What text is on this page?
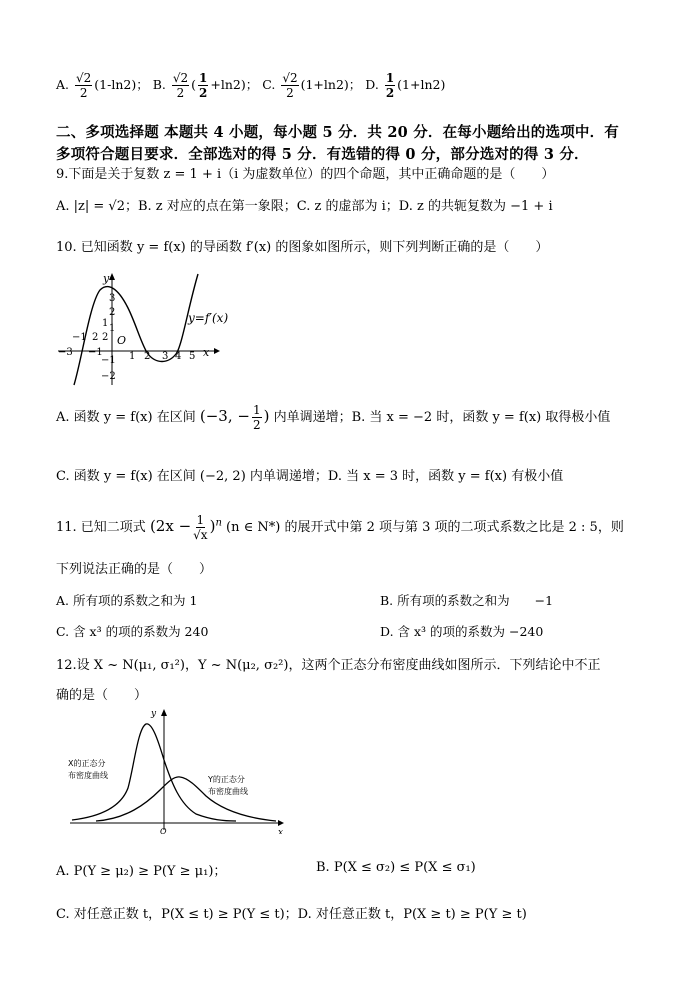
A. $\frac{√2}{2} (1-\ln 2)$； B. $\frac{√2}{2}$ ( $\frac{1}{2} +\ln 2$)； C. $\frac{√2}{2} (1+\ln 2)$； D. $\frac{1}{2} (1+\ln 2)$
二、多项选择题 本题共 4 小题，每小题 5 分．共 20 分．在每小题给出的选项中．有
多项符合题目要求．全部选对的得 5 分．有选错的得 0 分，部分选对的得 3 分．
9.下面是关于复数 z = 1 + i（i 为虚数单位）的四个命题，其中正确命题的是（　　）
A. |z| = √2；B. z 对应的点在第一象限；C. z 的虚部为 i；D. z 的共轭复数为 −1 + i
10. 已知函数 y = f(x) 的导函数 f′(x) 的图象如图所示，则下列判断正确的是（　　）
y
x
y=f′(x)
O
3
2
1
−1
−2
1
2
−1 2
−3 −1	1 2 3 4 5
A. 函数 y = f(x) 在区间 (−3, − $\frac{1}{2}$ ) 内单调递增；B. 当 x = −2 时，函数 y = f(x) 取得极小值
C. 函数 y = f(x) 在区间 (−2, 2) 内单调递增；D. 当 x = 3 时，函数 y = f(x) 有极小值
11. 已知二项式 $(2x - \frac{1}{√x} )^n$ (n ∈ N*) 的展开式中第 2 项与第 3 项的二项式系数之比是 2 : 5，则
下列说法正确的是（　　）
A. 所有项的系数之和为 1	B. 所有项的系数之和为　　−1
C. 含 x³ 的项的系数为 240	D. 含 x³ 的项的系数为 −240
12.设 X ~ N(μ₁, σ₁²)，Y ~ N(μ₂, σ₂²)，这两个正态分布密度曲线如图所示．下列结论中不正
确的是（　　）
y
x
O
X的正态分
布密度曲线	Y的正态分
布密度曲线
A. P(Y ≥ μ₂) ≥ P(Y ≥ μ₁)；	B. P(X ≤ σ₂) ≤ P(X ≤ σ₁)
C. 对任意正数 t，P(X ≤ t) ≥ P(Y ≤ t)；D. 对任意正数 t，P(X ≥ t) ≥ P(Y ≥ t)
